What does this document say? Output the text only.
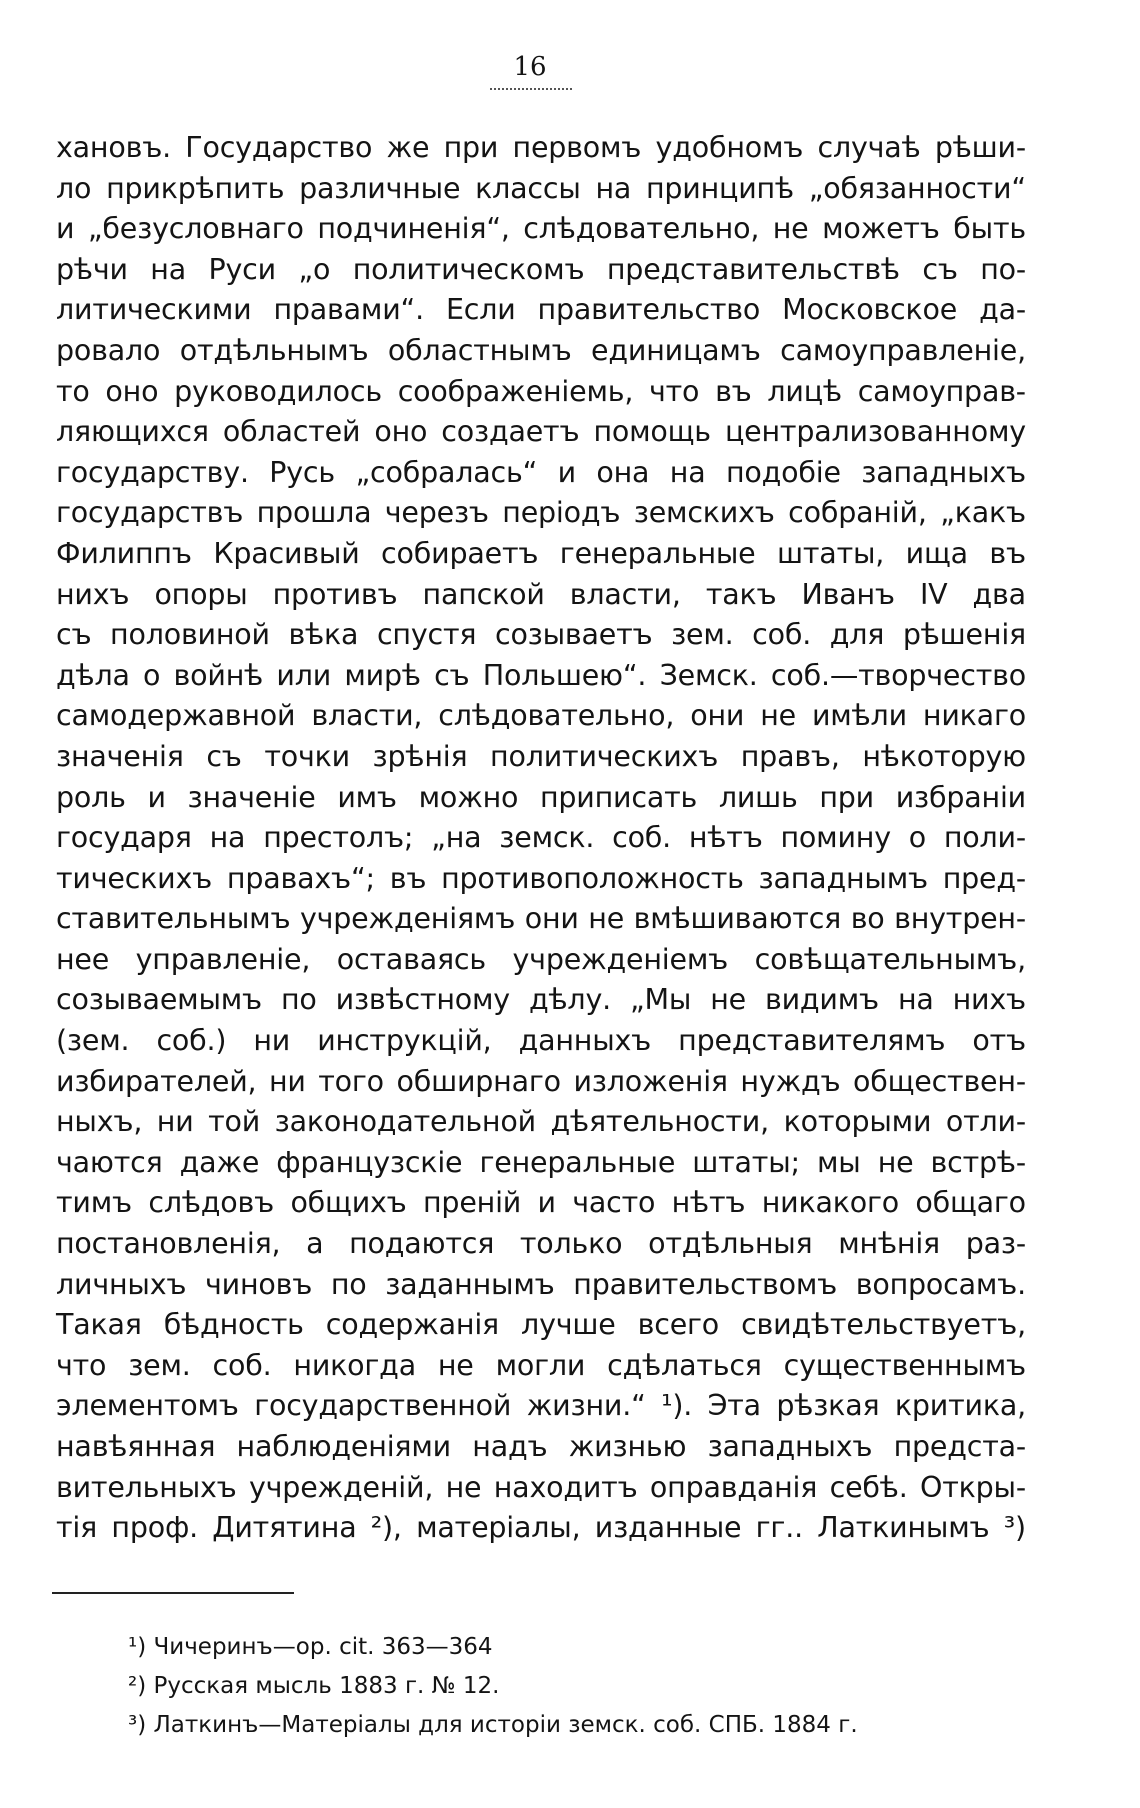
16
хановъ. Государство же при первомъ удобномъ случаѣ рѣши-
ло прикрѣпить различные классы на принципѣ „обязанности“
и „безусловнаго подчиненія“, слѣдовательно, не можетъ быть
рѣчи на Руси „о политическомъ представительствѣ съ по-
литическими правами“. Если правительство Московское да-
ровало отдѣльнымъ областнымъ единицамъ самоуправленіе,
то оно руководилось соображеніемь, что въ лицѣ самоуправ-
ляющихся областей оно создаетъ помощь централизованному
государству. Русь „собралась“ и она на подобіе западныхъ
государствъ прошла черезъ періодъ земскихъ собраній, „какъ
Филиппъ Красивый собираетъ генеральные штаты, ища въ
нихъ опоры противъ папской власти, такъ Иванъ IV два
съ половиной вѣка спустя созываетъ зем. соб. для рѣшенія
дѣла о войнѣ или мирѣ съ Польшею“. Земск. соб.—творчество
самодержавной власти, слѣдовательно, они не имѣли никаго
значенія съ точки зрѣнія политическихъ правъ, нѣкоторую
роль и значеніе имъ можно приписать лишь при избраніи
государя на престолъ; „на земск. соб. нѣтъ помину о поли-
тическихъ правахъ“; въ противоположность западнымъ пред-
ставительнымъ учрежденіямъ они не вмѣшиваются во внутрен-
нее управленіе, оставаясь учрежденіемъ совѣщательнымъ,
созываемымъ по извѣстному дѣлу. „Мы не видимъ на нихъ
(зем. соб.) ни инструкцій, данныхъ представителямъ отъ
избирателей, ни того обширнаго изложенія нуждъ обществен-
ныхъ, ни той законодательной дѣятельности, которыми отли-
чаются даже французскіе генеральные штаты; мы не встрѣ-
тимъ слѣдовъ общихъ преній и часто нѣтъ никакого общаго
постановленія, а подаются только отдѣльныя мнѣнія раз-
личныхъ чиновъ по заданнымъ правительствомъ вопросамъ.
Такая бѣдность содержанія лучше всего свидѣтельствуетъ,
что зем. соб. никогда не могли сдѣлаться существеннымъ
элементомъ государственной жизни.“ ¹). Эта рѣзкая критика,
навѣянная наблюденіями надъ жизнью западныхъ предста-
вительныхъ учрежденій, не находитъ оправданія себѣ. Откры-
тія проф. Дитятина ²), матеріалы, изданные гг.. Латкинымъ ³)
¹) Чичеринъ—op. cit. 363—364
²) Русская мысль 1883 г. № 12.
³) Латкинъ—Матеріалы для исторіи земск. соб. СПБ. 1884 г.
